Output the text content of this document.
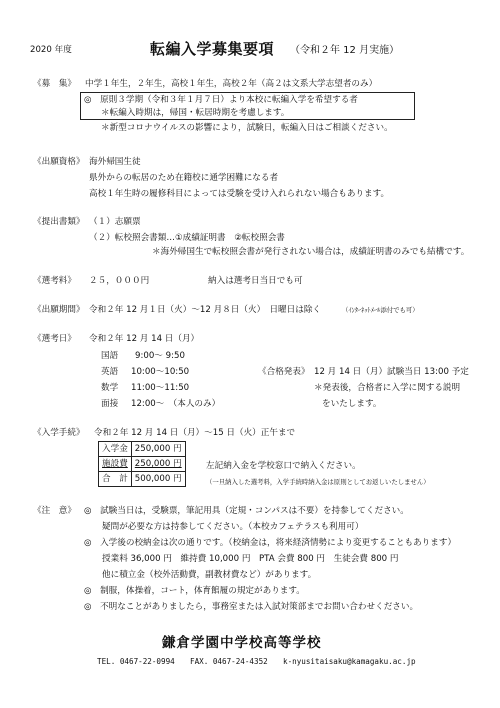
2020 年度	転編入学募集要項 （令和２年 12 月実施）
《募　集》 中学１年生，２年生，高校１年生，高校２年（高２は文系大学志望者のみ）
◎　原則３学期（令和３年１月７日）より本校に転編入学を希望する者
＊転編入時期は，帰国・転居時期を考慮します。
＊新型コロナウイルスの影響により，試験日，転編入日はご相談ください。
《出願資格》 海外帰国生徒
県外からの転居のため在籍校に通学困難になる者
高校１年生時の履修科目によっては受験を受け入れられない場合もあります。
《提出書類》 （１）志願票
（２）転校照会書類…①成績証明書　②転校照会書
＊海外帰国生で転校照会書が発行されない場合は，成績証明書のみでも結構です。
《選考料》 ２５，０００円	納入は選考日当日でも可
《出願期間》 令和２年 12 月１日（火）～12 月８日（火）　日曜日は除く	（ｲﾝﾀｰﾈｯﾄﾒｰﾙ添付でも可）
《選考日》 令和２年 12 月 14 日（月）
国語 9:00～ 9:50
英語 10:00～10:50
数学 11:00～11:50
面接 12:00～　（本人のみ）
《合格発表》 12 月 14 日（月）試験当日 13:00 予定
＊発表後，合格者に入学に関する説明
をいたします。
《入学手続》 令和２年 12 月 14 日（月）～15 日（火）正午まで
入学金	250,000 円
施設費	250,000 円
合　計	500,000 円
左記納入金を学校窓口で納入ください。
（一旦納入した選考料，入学手続時納入金は原則としてお返しいたしません）
《注　意》 ◎　試験当日は，受験票，筆記用具（定規・コンパスは不要）を持参してください。
疑問が必要な方は持参してください。（本校カフェテラスも利用可）
◎　入学後の校納金は次の通りです。（校納金は，将来経済情勢により変更することもあります）
授業料 36,000 円　維持費 10,000 円　PTA 会費 800 円　生徒会費 800 円
他に積立金（校外活動費，副教材費など）があります。
◎　制服，体操着，コート，体育館履の規定があります。
◎　不明なことがありましたら，事務室または入試対策部までお問い合わせください。
鎌倉学園中学校高等学校
TEL. 0467-22-0994 FAX. 0467-24-4352 k-nyusitaisaku@kamagaku.ac.jp
